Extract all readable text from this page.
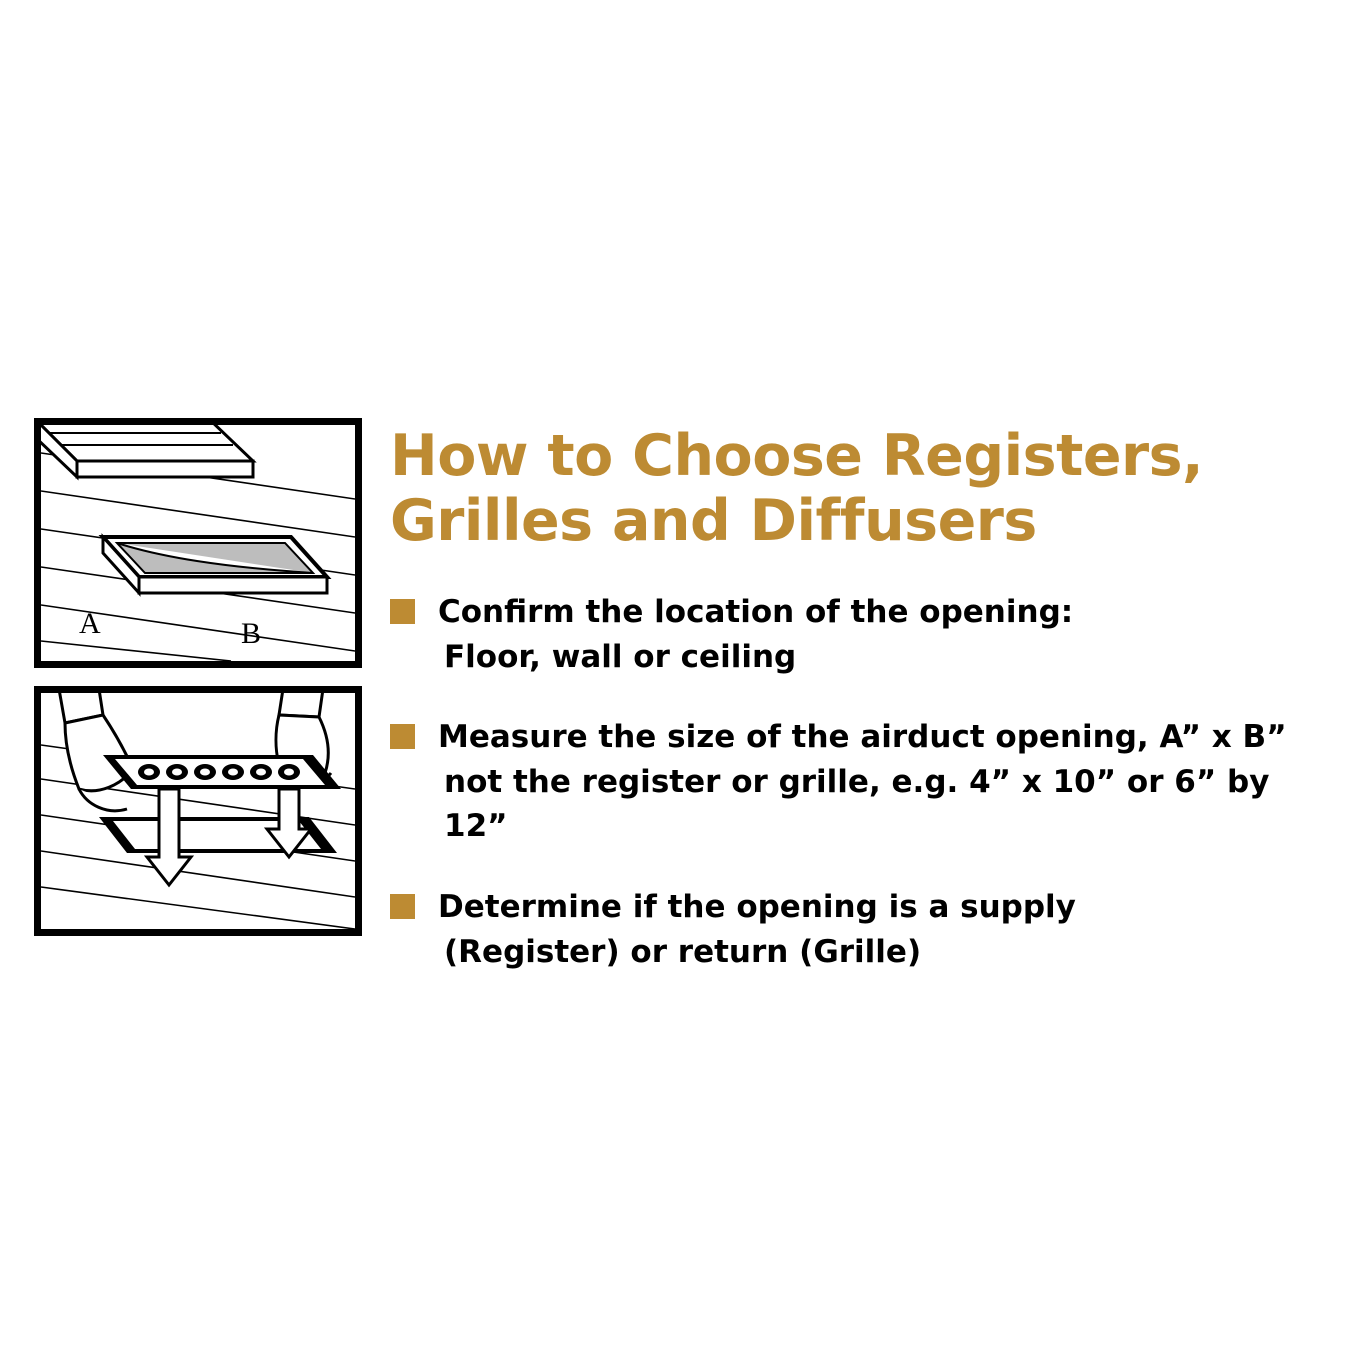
A	B
How to Choose Registers,
Grilles and Diffusers
Confirm the location of the opening:
Floor, wall or ceiling
Measure the size of the airduct opening, A” x B”
not the register or grille, e.g. 4” x 10” or 6” by 12”
Determine if the opening is a supply
(Register) or return (Grille)
